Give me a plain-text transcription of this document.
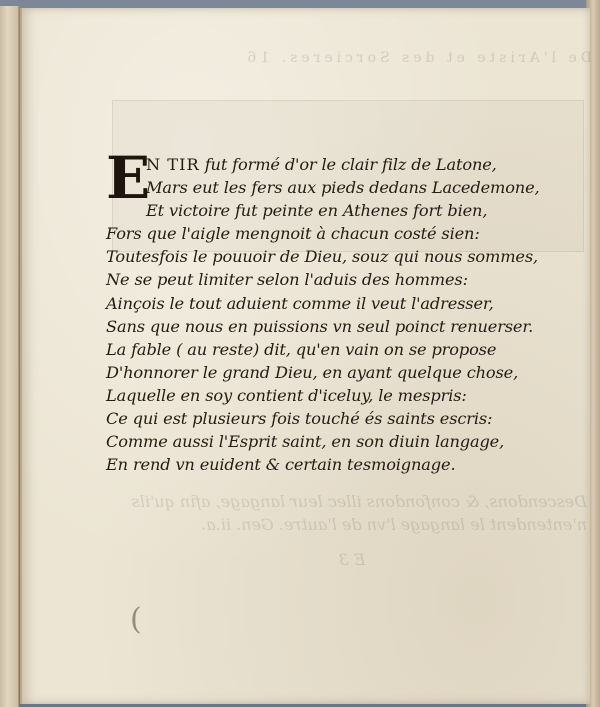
De l'Ariste et des Sorcieres. 16
Descendons, & confondons illec leur langage, afin qu'ils
n'entendent le langage l'vn de l'autre. Gen. ii.a.
E 3
(
E
N TIR fut formé d'or le clair filz de Latone,
Mars eut les fers aux pieds dedans Lacedemone,
Et victoire fut peinte en Athenes fort bien,
Fors que l'aigle mengnoit à chacun costé sien:
Toutesfois le pouuoir de Dieu, souz qui nous sommes,
Ne se peut limiter selon l'aduis des hommes:
Ainçois le tout aduient comme il veut l'adresser,
Sans que nous en puissions vn seul poinct renuerser.
La fable ( au reste) dit, qu'en vain on se propose
D'honnorer le grand Dieu, en ayant quelque chose,
Laquelle en soy contient d'iceluy, le mespris:
Ce qui est plusieurs fois touché és saints escris:
Comme aussi l'Esprit saint, en son diuin langage,
En rend vn euident & certain tesmoignage.
